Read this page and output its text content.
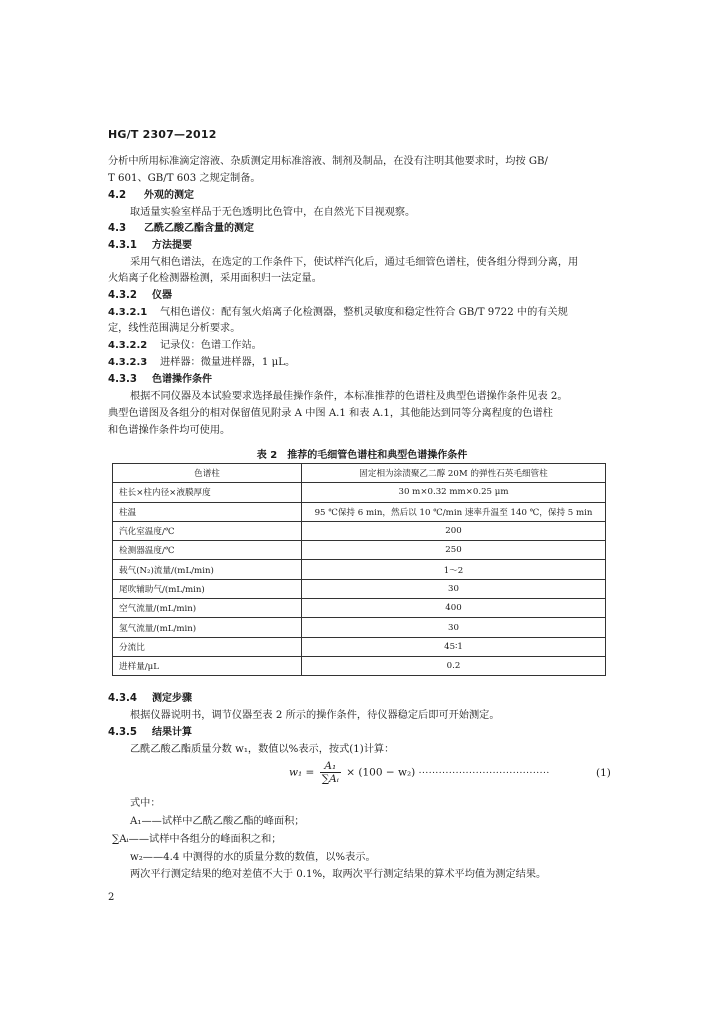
HG/T 2307—2012
分析中所用标准滴定溶液、杂质测定用标准溶液、制剂及制品，在没有注明其他要求时，均按 GB/
T 601、GB/T 603 之规定制备。
4.2 外观的测定
取适量实验室样品于无色透明比色管中，在自然光下目视观察。
4.3 乙酰乙酸乙酯含量的测定
4.3.1 方法提要
采用气相色谱法，在选定的工作条件下，使试样汽化后，通过毛细管色谱柱，使各组分得到分离，用
火焰离子化检测器检测，采用面积归一法定量。
4.3.2 仪器
4.3.2.1 气相色谱仪：配有氢火焰离子化检测器，整机灵敏度和稳定性符合 GB/T 9722 中的有关规
定，线性范围满足分析要求。
4.3.2.2 记录仪：色谱工作站。
4.3.2.3 进样器：微量进样器，1 μL。
4.3.3 色谱操作条件
根据不同仪器及本试验要求选择最佳操作条件，本标准推荐的色谱柱及典型色谱操作条件见表 2。
典型色谱图及各组分的相对保留值见附录 A 中图 A.1 和表 A.1，其他能达到同等分离程度的色谱柱
和色谱操作条件均可使用。
表 2　推荐的毛细管色谱柱和典型色谱操作条件
色谱柱	固定相为涂渍聚乙二醇 20M 的弹性石英毛细管柱
柱长×柱内径×液膜厚度	30 m×0.32 mm×0.25 μm
柱温	95 ℃保持 6 min，然后以 10 ℃/min 速率升温至 140 ℃，保持 5 min
汽化室温度/℃	200
检测器温度/℃	250
载气(N₂)流量/(mL/min)	1～2
尾吹辅助气/(mL/min)	30
空气流量/(mL/min)	400
氢气流量/(mL/min)	30
分流比	45∶1
进样量/μL	0.2
4.3.4 测定步骤
根据仪器说明书，调节仪器至表 2 所示的操作条件，待仪器稳定后即可开始测定。
4.3.5 结果计算
乙酰乙酸乙酯质量分数 w₁，数值以%表示，按式(1)计算：
$w_1 = \frac{\text{A₁}}{\text{∑Aᵢ}} \times (100 - w_2)$ ·······································	(1)
式中：
A₁——试样中乙酰乙酸乙酯的峰面积；
∑Aᵢ——试样中各组分的峰面积之和；
w₂——4.4 中测得的水的质量分数的数值，以%表示。
两次平行测定结果的绝对差值不大于 0.1%，取两次平行测定结果的算术平均值为测定结果。
2
